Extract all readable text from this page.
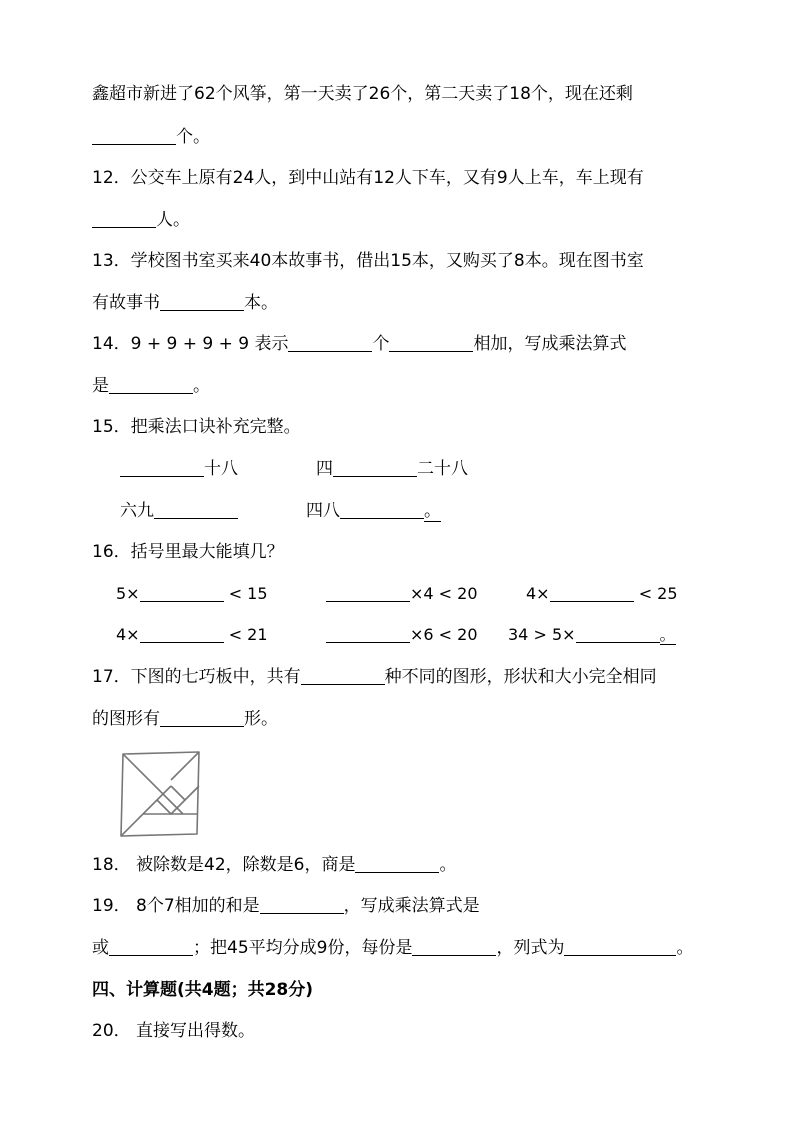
鑫超市新进了62个风筝，第一天卖了26个，第二天卖了18个，现在还剩
个。
12．公交车上原有24人，到中山站有12人下车，又有9人上车，车上现有
人。
13．学校图书室买来40本故事书，借出15本，又购买了8本。现在图书室
有故事书	本。
14．9 + 9 + 9 + 9 表示	个	相加，写成乘法算式
是	。
15．把乘法口诀补充完整。
十八	四	二十八
六九	四八	。
16．括号里最大能填几？
5×	< 15	×4 < 20	4×	< 25
4×	< 21	×6 < 20 34 > 5×	。
17．下图的七巧板中，共有	种不同的图形，形状和大小完全相同
的图形有	形。
18． 被除数是42，除数是6，商是	。
19． 8个7相加的和是	，写成乘法算式是
或	；把45平均分成9份，每份是	，列式为	。
四、计算题(共4题；共28分)
20． 直接写出得数。
